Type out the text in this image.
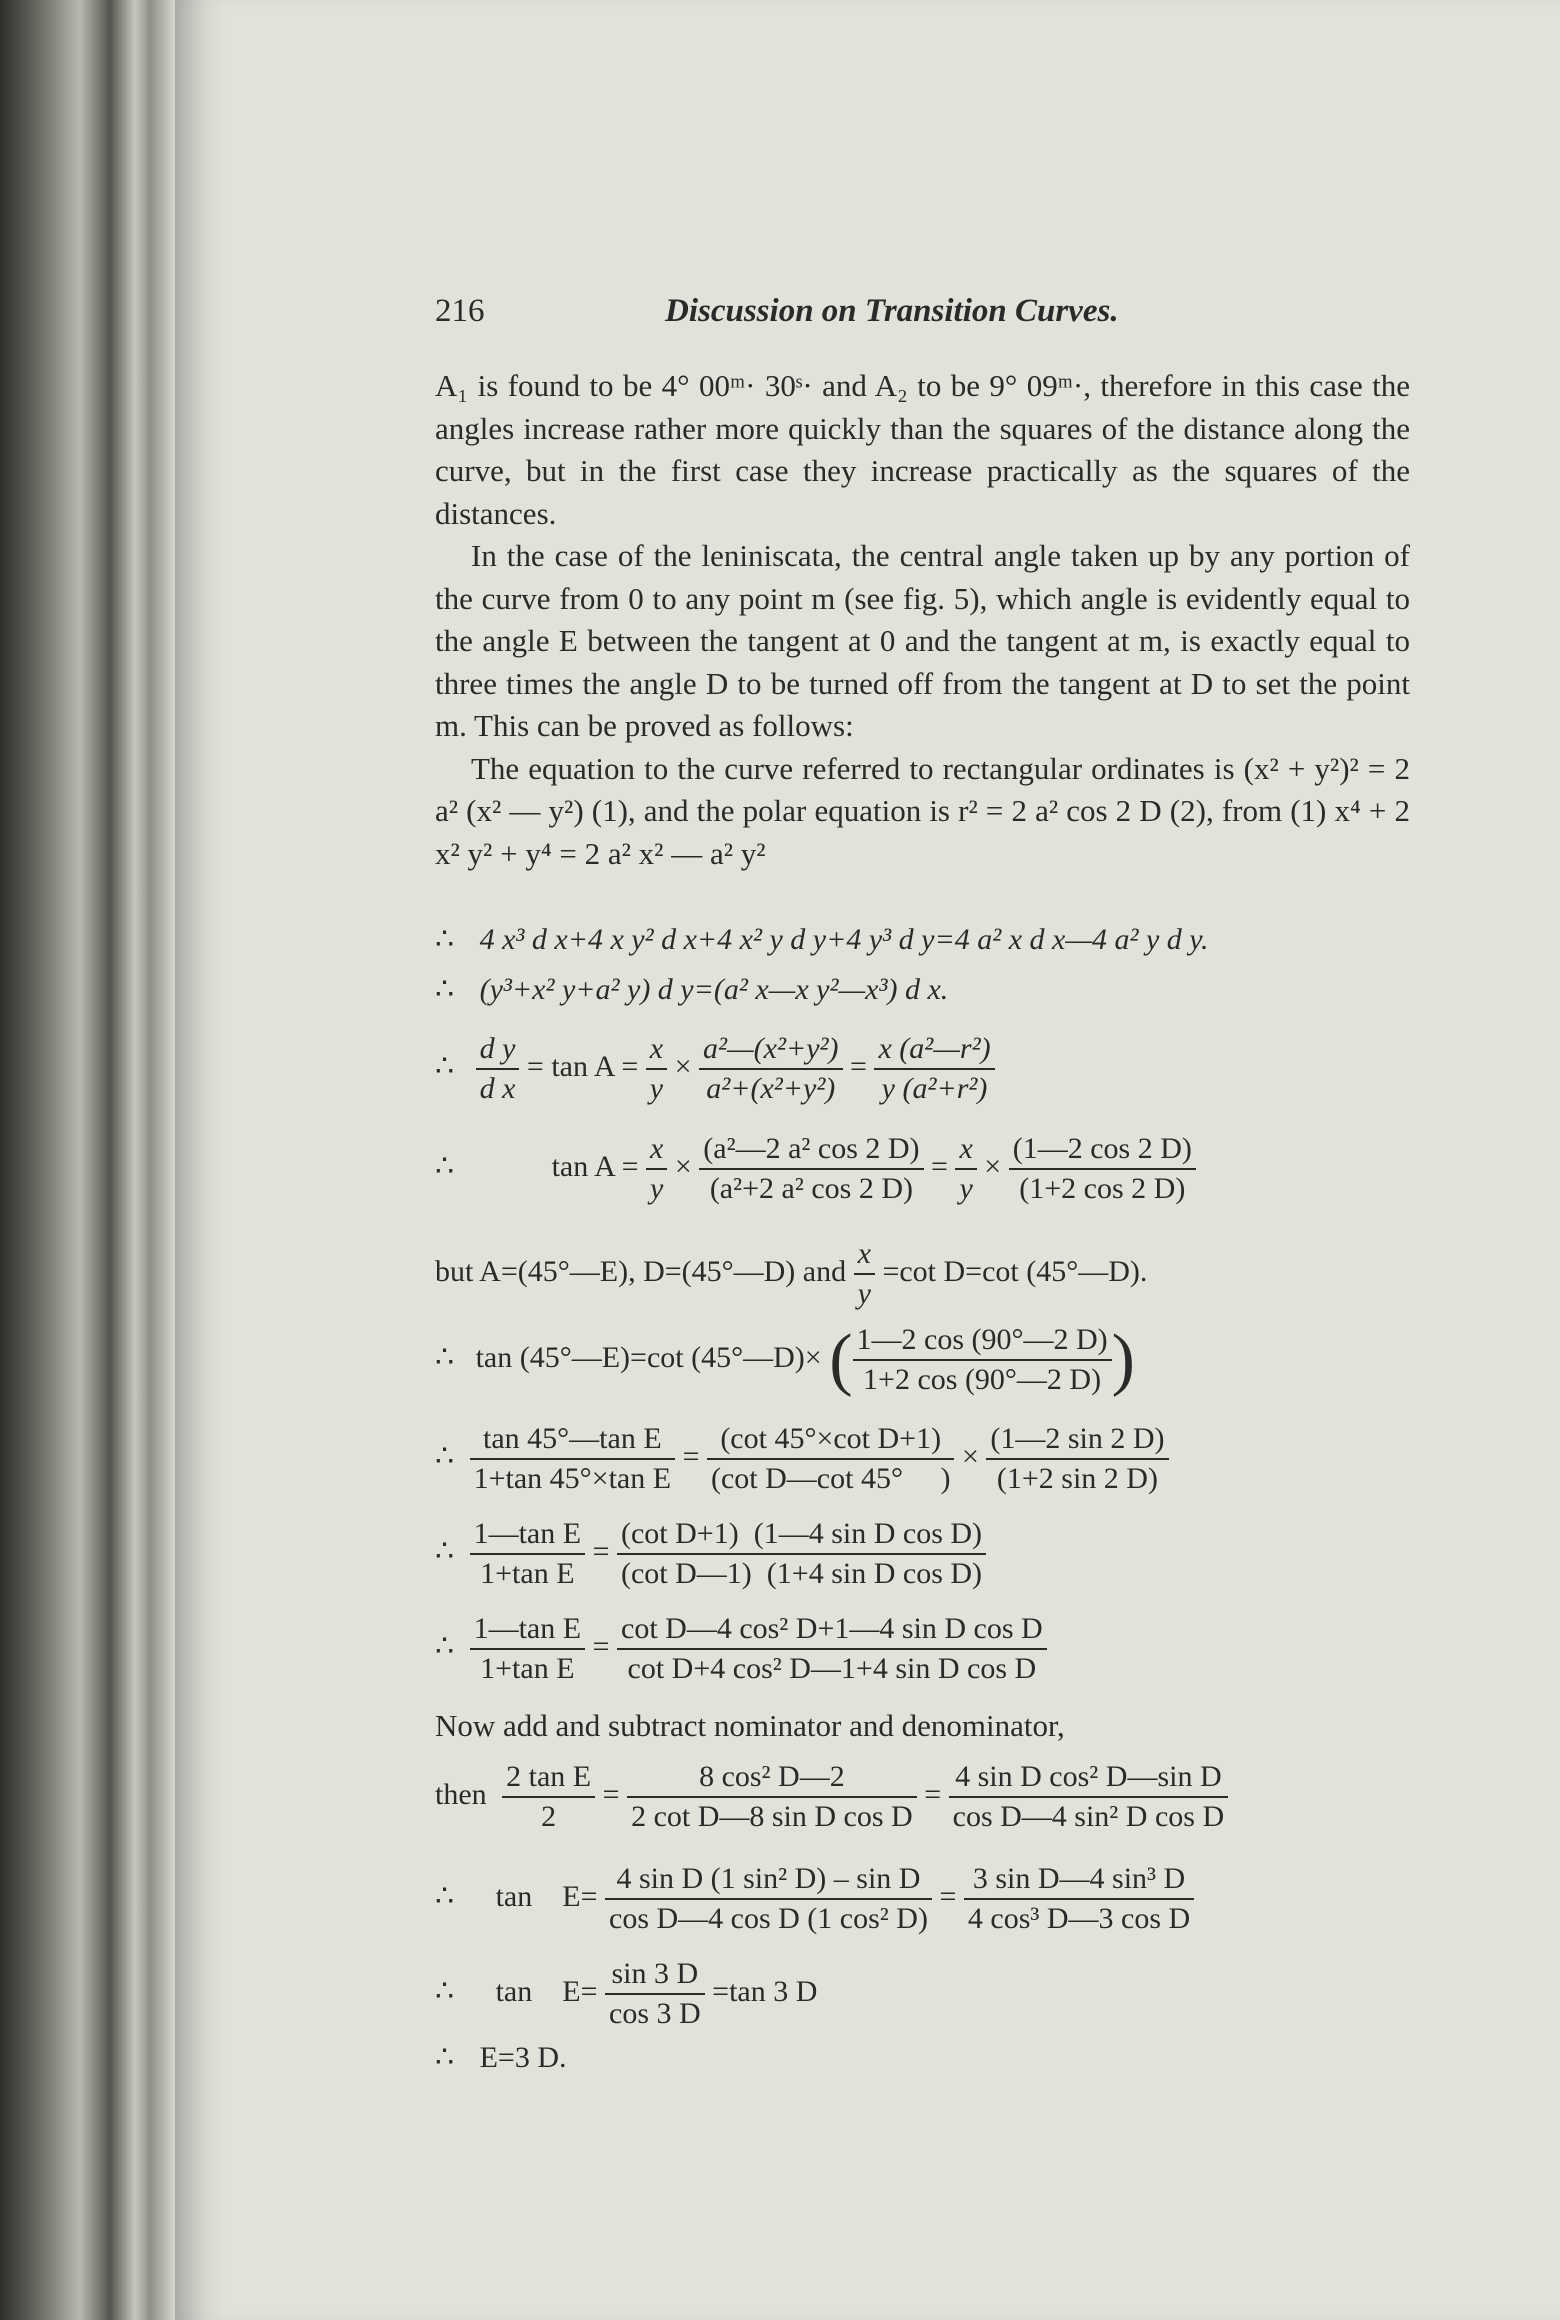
216	Discussion on Transition Curves.

A₁ is found to be 4° 00ᵐ· 30ˢ· and A₂ to be 9° 09ᵐ·, therefore in this case the angles increase rather more quickly than the squares of the distance along the curve, but in the first case they increase practically as the squares of the distances.

In the case of the leniniscata, the central angle taken up by any portion of the curve from 0 to any point m (see fig. 5), which angle is evidently equal to the angle E between the tangent at 0 and the tangent at m, is exactly equal to three times the angle D to be turned off from the tangent at D to set the point m. This can be proved as follows:

The equation to the curve referred to rectangular ordinates is (x² + y²)² = 2 a² (x² — y²) (1), and the polar equation is r² = 2 a² cos 2 D (2), from (1) x⁴ + 2 x² y² + y⁴ = 2 a² x² — a² y²

∴ 4 x³ d x+4 x y² d x+4 x² y d y+4 y³ d y=4 a² x d x—4 a² y d y.
∴ (y³+x² y+a² y) d y=(a² x—x y²—x³) d x.
∴ $\frac{\text{d y}}{\text{d x}} = \tan A = \frac{x}{y} \times \frac{\text{a²—(x²+y²)}}{\text{a²+(x²+y²)}} = \frac{\text{x (a²—r²)}}{\text{y (a²+r²)}}$
∴	$\tan A = \frac{x}{y} \times \frac{\text{(a²—2 a² cos 2 D)}}{\text{(a²+2 a² cos 2 D)}} = \frac{x}{y} \times \frac{(1—2 \cos 2 D)}{(1+2 \cos 2 D)}$
but A=(45°—E), D=(45°—D) and $\frac{x}{y} =\cot$ D=cot (45°—D).
∴ tan (45°—E)=cot (45°—D)× ( $\frac{1—2 \cos (90^\circ—2 D)}{1+2 \cos (90^\circ—2 D)}$ )
∴ $\frac{\text{tan 45°—tan E}}{\text{1+tan 45°×tan E}} = \frac{\text{(cot 45°×cot D+1)}}{\text{(cot D—cot 45°     )}} \times \frac{(1—2 \sin 2 D)}{(1+2 \sin 2 D)}$
∴ $\frac{\text{1—tan E}}{\text{1+tan E}} = \frac{\text{(cot D+1)  (1—4 sin D cos D)}}{\text{(cot D—1)  (1+4 sin D cos D)}}$
∴ $\frac{\text{1—tan E}}{\text{1+tan E}} = \frac{\text{cot D—4 cos² D+1—4 sin D cos D}}{\text{cot D+4 cos² D—1+4 sin D cos D}}$
Now add and subtract nominator and denominator,
then $\frac{\text{2 tan E}}{2} = \frac{\text{8 cos² D—2}}{\text{2 cot D—8 sin D cos D}} = \frac{\text{4 sin D cos² D—sin D}}{\text{cos D—4 sin² D cos D}}$
∴ tan    $E= \frac{\text{4 sin D (1 sin² D) – sin D}}{\text{cos D—4 cos D (1 cos² D)}} = \frac{\text{3 sin D—4 sin³ D}}{\text{4 cos³ D—3 cos D}}$
∴ tan    $E= \frac{\sin 3 D}{\cos 3 D} =\tan$ 3 D
∴ E=3 D.
